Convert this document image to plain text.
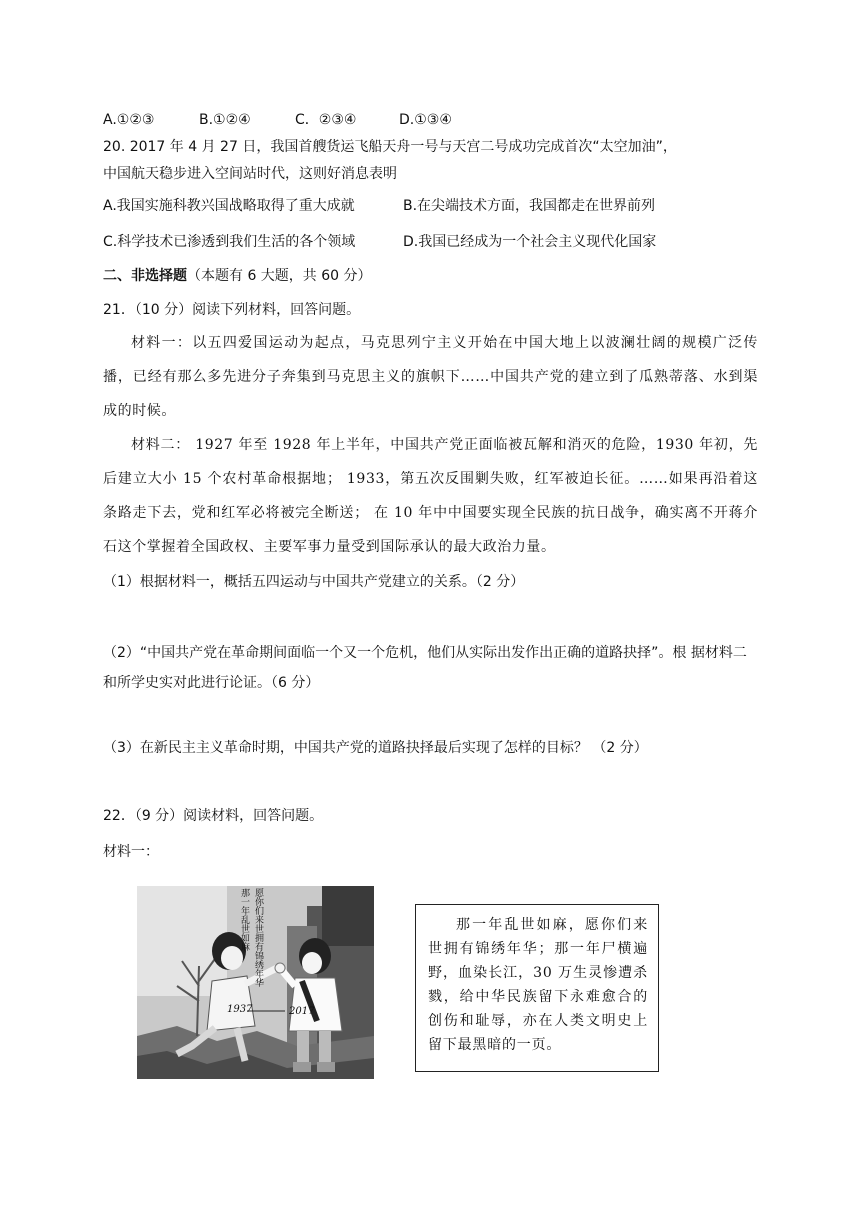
A.①②③	B.①②④	C．②③④	D.①③④
20. 2017 年 4 月 27 日，我国首艘货运飞船天舟一号与天宫二号成功完成首次“太空加油”，
中国航天稳步进入空间站时代，这则好消息表明
A.我国实施科教兴国战略取得了重大成就	B.在尖端技术方面，我国都走在世界前列
C.科学技术已渗透到我们生活的各个领域	D.我国已经成为一个社会主义现代化国家
二、非选择题（本题有 6 大题，共 60 分）
21．（10 分）阅读下列材料，回答问题。

材料一：以五四爱国运动为起点，马克思列宁主义开始在中国大地上以波澜壮阔的规模广泛传播，已经有那么多先进分子奔集到马克思主义的旗帜下……中国共产党的建立到了瓜熟蒂落、水到渠成的时候。

材料二： 1927 年至 1928 年上半年，中国共产党正面临被瓦解和消灭的危险，1930 年初，先后建立大小 15 个农村革命根据地； 1933，第五次反围剿失败，红军被迫长征。……如果再沿着这条路走下去，党和红军必将被完全断送； 在 10 年中中国要实现全民族的抗日战争，确实离不开蒋介石这个掌握着全国政权、主要军事力量受到国际承认的最大政治力量。

（1）根据材料一，概括五四运动与中国共产党建立的关系。（2 分）
（2）“中国共产党在革命期间面临一个又一个危机，他们从实际出发作出正确的道路抉择”。根 据材料二和所学史实对此进行论证。（6 分）
（3）在新民主主义革命时期，中国共产党的道路抉择最后实现了怎样的目标？ （2 分）
22．（9 分）阅读材料，回答问题。
材料一：
那一年乱世如麻 愿你们来世拥有锦绣年华
1937	2017

那一年乱世如麻，愿你们来世拥有锦绣年华；那一年尸横遍野，血染长江，30 万生灵惨遭杀戮，给中华民族留下永难愈合的创伤和耻辱，亦在人类文明史上留下最黑暗的一页。
